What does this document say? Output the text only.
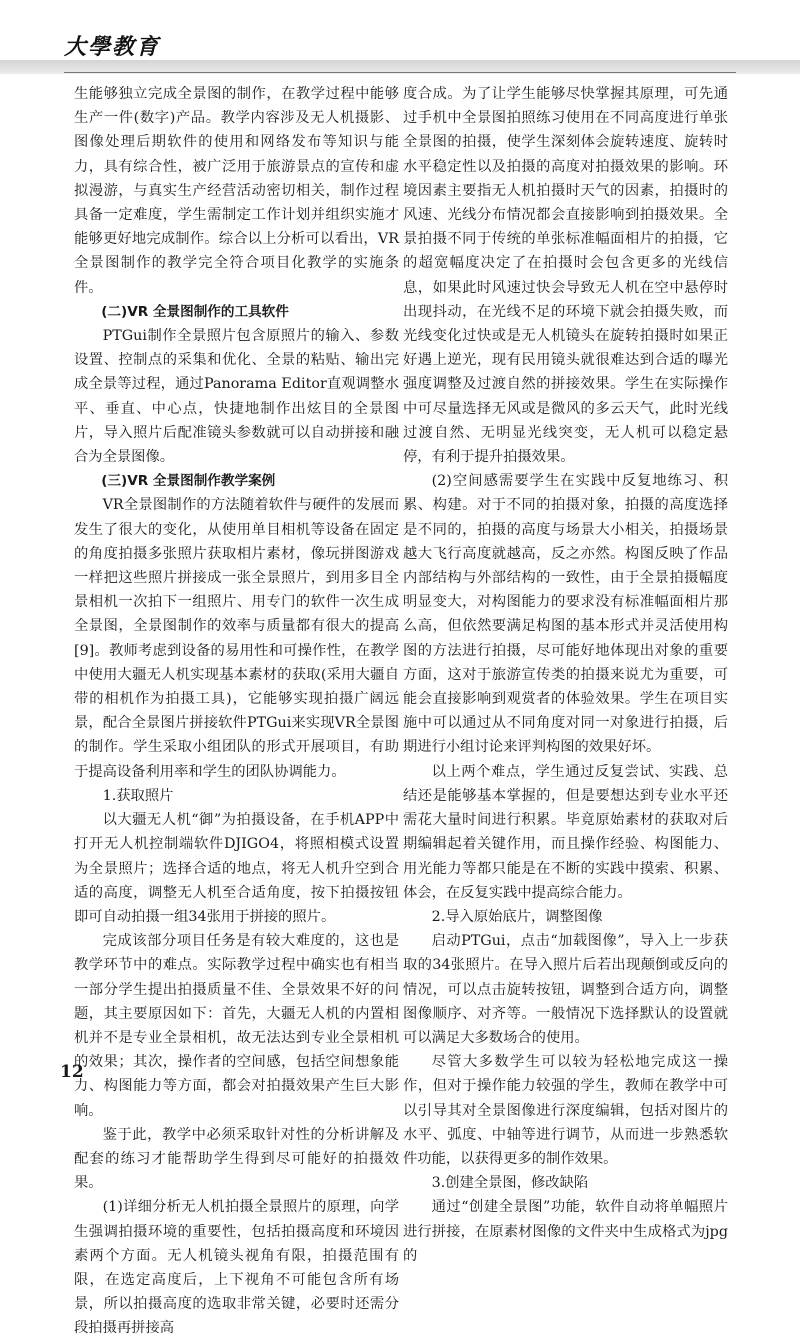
大學教育

生能够独立完成全景图的制作，在教学过程中能够生产一件(数字)产品。教学内容涉及无人机摄影、图像处理后期软件的使用和网络发布等知识与能力，具有综合性，被广泛用于旅游景点的宣传和虚拟漫游，与真实生产经营活动密切相关，制作过程具备一定难度，学生需制定工作计划并组织实施才能够更好地完成制作。综合以上分析可以看出，VR全景图制作的教学完全符合项目化教学的实施条件。

(二)VR 全景图制作的工具软件

PTGui制作全景照片包含原照片的输入、参数设置、控制点的采集和优化、全景的粘贴、输出完成全景等过程，通过Panorama Editor直观调整水平、垂直、中心点，快捷地制作出炫目的全景图片，导入照片后配准镜头参数就可以自动拼接和融合为全景图像。

(三)VR 全景图制作教学案例

VR全景图制作的方法随着软件与硬件的发展而发生了很大的变化，从使用单目相机等设备在固定的角度拍摄多张照片获取相片素材，像玩拼图游戏一样把这些照片拼接成一张全景照片，到用多目全景相机一次拍下一组照片、用专门的软件一次生成全景图，全景图制作的效率与质量都有很大的提高[9]。教师考虑到设备的易用性和可操作性，在教学中使用大疆无人机实现基本素材的获取(采用大疆自带的相机作为拍摄工具)，它能够实现拍摄广阔远景，配合全景图片拼接软件PTGui来实现VR全景图的制作。学生采取小组团队的形式开展项目，有助于提高设备利用率和学生的团队协调能力。

1.获取照片

以大疆无人机“御”为拍摄设备，在手机APP中打开无人机控制端软件DJIGO4，将照相模式设置为全景照片；选择合适的地点，将无人机升空到合适的高度，调整无人机至合适角度，按下拍摄按钮即可自动拍摄一组34张用于拼接的照片。

完成该部分项目任务是有较大难度的，这也是教学环节中的难点。实际教学过程中确实也有相当一部分学生提出拍摄质量不佳、全景效果不好的问题，其主要原因如下：首先，大疆无人机的内置相机并不是专业全景相机，故无法达到专业全景相机的效果；其次，操作者的空间感，包括空间想象能力、构图能力等方面，都会对拍摄效果产生巨大影响。

鉴于此，教学中必须采取针对性的分析讲解及配套的练习才能帮助学生得到尽可能好的拍摄效果。

(1)详细分析无人机拍摄全景照片的原理，向学生强调拍摄环境的重要性，包括拍摄高度和环境因素两个方面。无人机镜头视角有限，拍摄范围有限，在选定高度后，上下视角不可能包含所有场景，所以拍摄高度的选取非常关键，必要时还需分段拍摄再拼接高

度合成。为了让学生能够尽快掌握其原理，可先通过手机中全景图拍照练习使用在不同高度进行单张全景图的拍摄，使学生深刻体会旋转速度、旋转时水平稳定性以及拍摄的高度对拍摄效果的影响。环境因素主要指无人机拍摄时天气的因素，拍摄时的风速、光线分布情况都会直接影响到拍摄效果。全景拍摄不同于传统的单张标准幅面相片的拍摄，它的超宽幅度决定了在拍摄时会包含更多的光线信息，如果此时风速过快会导致无人机在空中悬停时出现抖动，在光线不足的环境下就会拍摄失败，而光线变化过快或是无人机镜头在旋转拍摄时如果正好遇上逆光，现有民用镜头就很难达到合适的曝光强度调整及过渡自然的拼接效果。学生在实际操作中可尽量选择无风或是微风的多云天气，此时光线过渡自然、无明显光线突变，无人机可以稳定悬停，有利于提升拍摄效果。

(2)空间感需要学生在实践中反复地练习、积累、构建。对于不同的拍摄对象，拍摄的高度选择是不同的，拍摄的高度与场景大小相关，拍摄场景越大飞行高度就越高，反之亦然。构图反映了作品内部结构与外部结构的一致性，由于全景拍摄幅度明显变大，对构图能力的要求没有标准幅面相片那么高，但依然要满足构图的基本形式并灵活使用构图的方法进行拍摄，尽可能好地体现出对象的重要方面，这对于旅游宣传类的拍摄来说尤为重要，可能会直接影响到观赏者的体验效果。学生在项目实施中可以通过从不同角度对同一对象进行拍摄，后期进行小组讨论来评判构图的效果好坏。

以上两个难点，学生通过反复尝试、实践、总结还是能够基本掌握的，但是要想达到专业水平还需花大量时间进行积累。毕竟原始素材的获取对后期编辑起着关键作用，而且操作经验、构图能力、用光能力等都只能是在不断的实践中摸索、积累、体会，在反复实践中提高综合能力。

2.导入原始底片，调整图像

启动PTGui，点击“加载图像”，导入上一步获取的34张照片。在导入照片后若出现颠倒或反向的情况，可以点击旋转按钮，调整到合适方向，调整图像顺序、对齐等。一般情况下选择默认的设置就可以满足大多数场合的使用。

尽管大多数学生可以较为轻松地完成这一操作，但对于操作能力较强的学生，教师在教学中可以引导其对全景图像进行深度编辑，包括对图片的水平、弧度、中轴等进行调节，从而进一步熟悉软件功能，以获得更多的制作效果。

3.创建全景图，修改缺陷

通过“创建全景图”功能，软件自动将单幅照片进行拼接，在原素材图像的文件夹中生成格式为jpg的

12
